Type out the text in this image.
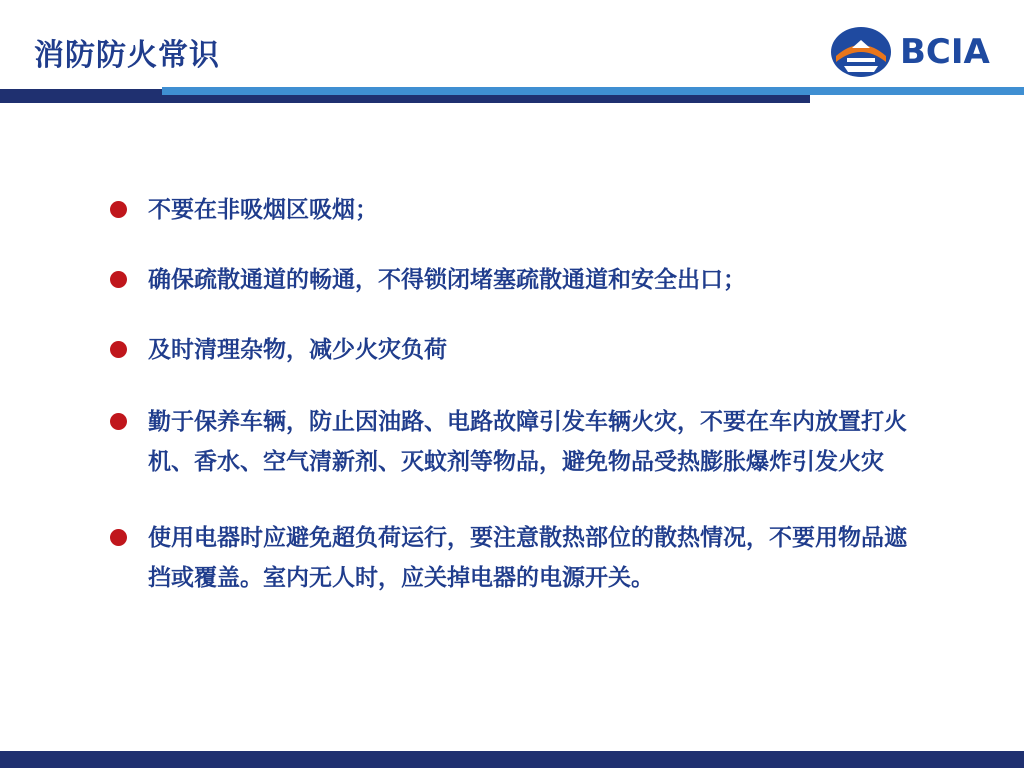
消防防火常识	BCIA
不要在非吸烟区吸烟；
确保疏散通道的畅通，不得锁闭堵塞疏散通道和安全出口；
及时清理杂物，减少火灾负荷
勤于保养车辆，防止因油路、电路故障引发车辆火灾，不要在车内放置打火机、香水、空气清新剂、灭蚊剂等物品，避免物品受热膨胀爆炸引发火灾
使用电器时应避免超负荷运行，要注意散热部位的散热情况，不要用物品遮挡或覆盖。室内无人时，应关掉电器的电源开关。
